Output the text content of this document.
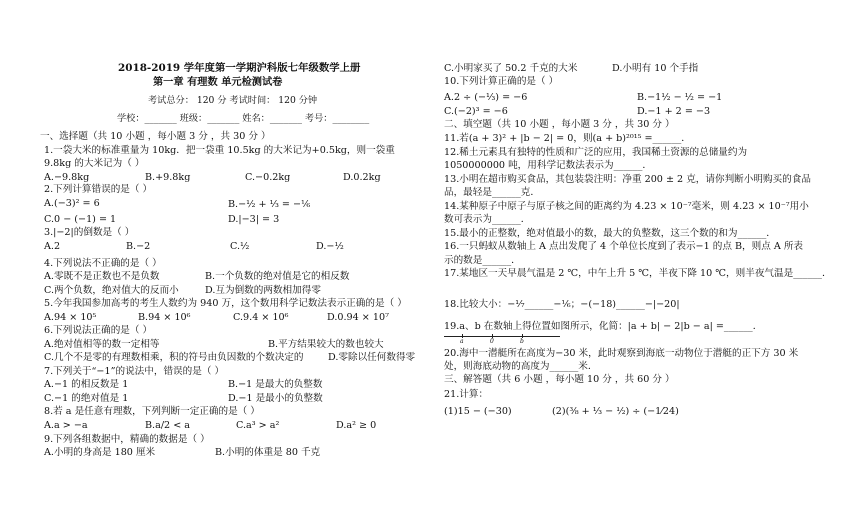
2018-2019 学年度第一学期沪科版七年级数学上册
第一章 有理数 单元检测试卷
考试总分： 120 分 考试时间： 120 分钟
学校：_______ 班级：_______ 姓名：_______ 考号：________
一、选择题（共 10 小题 ，每小题 3 分 ，共 30 分 ）
1.一袋大米的标准重量为 10kg．把一袋重 10.5kg 的大米记为+0.5kg，则一袋重
9.8kg 的大米记为（ ）
A.−9.8kg	B.+9.8kg	C.−0.2kg	D.0.2kg
2.下列计算错误的是（ ）
A.(−3)² = 6	B.−½ + ⅓ = −⅙
C.0 − (−1) = 1	D.|−3| = 3
3.|−2|的倒数是（ ）
A.2	B.−2	C.½	D.−½
4.下列说法不正确的是（ ）
A.零既不是正数也不是负数	B.一个负数的绝对值是它的相反数
C.两个负数，绝对值大的反而小	D.互为倒数的两数相加得零
5.今年我国参加高考的考生人数约为 940 万，这个数用科学记数法表示正确的是（ ）
A.94 × 10⁵	B.94 × 10⁶	C.9.4 × 10⁶	D.0.94 × 10⁷
6.下列说法正确的是（ ）
A.绝对值相等的数一定相等	B.平方结果较大的数也较大
C.几个不是零的有理数相乘，积的符号由负因数的个数决定的	D.零除以任何数得零
7.下列关于“−1”的说法中，错误的是（ ）
A.−1 的相反数是 1	B.−1 是最大的负整数
C.−1 的绝对值是 1	D.−1 是最小的负整数
8.若 a 是任意有理数，下列判断一定正确的是（ ）
A.a > −a	B.a/2 < a	C.a³ > a²	D.a² ≥ 0
9.下列各组数据中，精确的数据是（ ）
A.小明的身高是 180 厘米	B.小明的体重是 80 千克
C.小明家买了 50.2 千克的大米	D.小明有 10 个手指
10.下列计算正确的是（ ）
A.2 ÷ (−⅓) = −6	B.−1½ − ½ = −1
C.(−2)³ = −6	D.−1 + 2 = −3
二、填空题（共 10 小题 ，每小题 3 分 ，共 30 分 ）
11.若(a + 3)² + |b − 2| = 0，则(a + b)²⁰¹⁵ =______．
12.稀土元素具有独特的性质和广泛的应用，我国稀土资源的总储量约为
1050000000 吨，用科学记数法表示为______．
13.小明在超市购买食品，其包装袋注明：净重 200 ± 2 克，请你判断小明购买的食品
品，最轻是______克．
14.某种原子中原子与原子核之间的距离约为 4.23 × 10⁻⁷毫米，则 4.23 × 10⁻⁷用小
数可表示为______．
15.最小的正整数，绝对值最小的数，最大的负整数，这三个数的和为______．
16.一只蚂蚁从数轴上 A 点出发爬了 4 个单位长度到了表示−1 的点 B，则点 A 所表
示的数是______．
17.某地区一天早晨气温是 2 ℃，中午上升 5 ℃，半夜下降 10 ℃，则半夜气温是______．
18.比较大小：−⅐______−⅙；−(−18)______−|−20|
19.a、b 在数轴上得位置如图所示，化简：|a + b| − 2|b − a| =______．
a	0	b
20.海中一潜艇所在高度为−30 米，此时观察到海底一动物位于潜艇的正下方 30 米
处，则海底动物的高度为______米．
三、解答题（共 6 小题 ，每小题 10 分 ，共 60 分 ）
21.计算：
(1)15 − (−30)	(2)(⅜ + ⅓ − ½) ÷ (−1⁄24)
